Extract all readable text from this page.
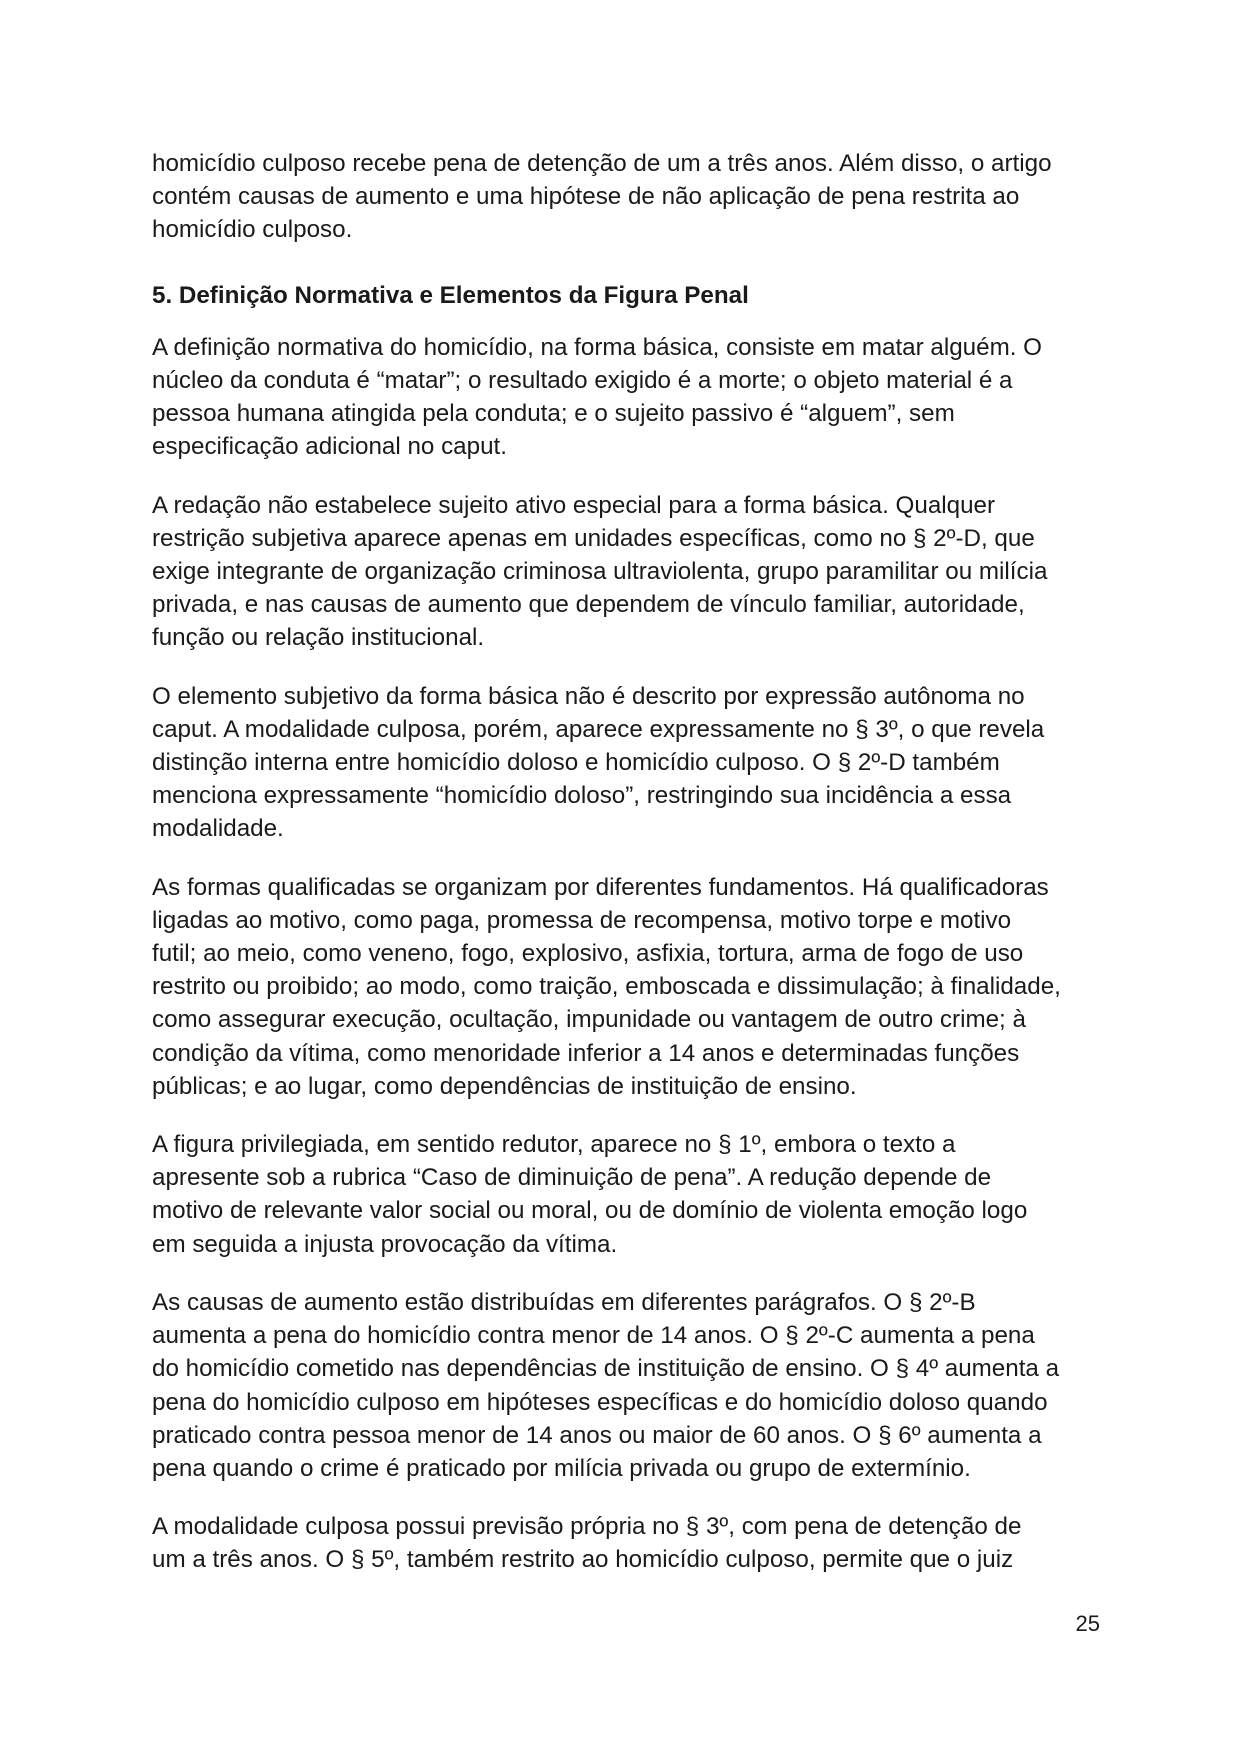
homicídio culposo recebe pena de detenção de um a três anos. Além disso, o artigo
contém causas de aumento e uma hipótese de não aplicação de pena restrita ao
homicídio culposo.

5. Definição Normativa e Elementos da Figura Penal

A definição normativa do homicídio, na forma básica, consiste em matar alguém. O
núcleo da conduta é “matar”; o resultado exigido é a morte; o objeto material é a
pessoa humana atingida pela conduta; e o sujeito passivo é “alguem”, sem
especificação adicional no caput.

A redação não estabelece sujeito ativo especial para a forma básica. Qualquer
restrição subjetiva aparece apenas em unidades específicas, como no § 2º-D, que
exige integrante de organização criminosa ultraviolenta, grupo paramilitar ou milícia
privada, e nas causas de aumento que dependem de vínculo familiar, autoridade,
função ou relação institucional.

O elemento subjetivo da forma básica não é descrito por expressão autônoma no
caput. A modalidade culposa, porém, aparece expressamente no § 3º, o que revela
distinção interna entre homicídio doloso e homicídio culposo. O § 2º-D também
menciona expressamente “homicídio doloso”, restringindo sua incidência a essa
modalidade.

As formas qualificadas se organizam por diferentes fundamentos. Há qualificadoras
ligadas ao motivo, como paga, promessa de recompensa, motivo torpe e motivo
futil; ao meio, como veneno, fogo, explosivo, asfixia, tortura, arma de fogo de uso
restrito ou proibido; ao modo, como traição, emboscada e dissimulação; à finalidade,
como assegurar execução, ocultação, impunidade ou vantagem de outro crime; à
condição da vítima, como menoridade inferior a 14 anos e determinadas funções
públicas; e ao lugar, como dependências de instituição de ensino.

A figura privilegiada, em sentido redutor, aparece no § 1º, embora o texto a
apresente sob a rubrica “Caso de diminuição de pena”. A redução depende de
motivo de relevante valor social ou moral, ou de domínio de violenta emoção logo
em seguida a injusta provocação da vítima.

As causas de aumento estão distribuídas em diferentes parágrafos. O § 2º-B
aumenta a pena do homicídio contra menor de 14 anos. O § 2º-C aumenta a pena
do homicídio cometido nas dependências de instituição de ensino. O § 4º aumenta a
pena do homicídio culposo em hipóteses específicas e do homicídio doloso quando
praticado contra pessoa menor de 14 anos ou maior de 60 anos. O § 6º aumenta a
pena quando o crime é praticado por milícia privada ou grupo de extermínio.

A modalidade culposa possui previsão própria no § 3º, com pena de detenção de
um a três anos. O § 5º, também restrito ao homicídio culposo, permite que o juiz

25
